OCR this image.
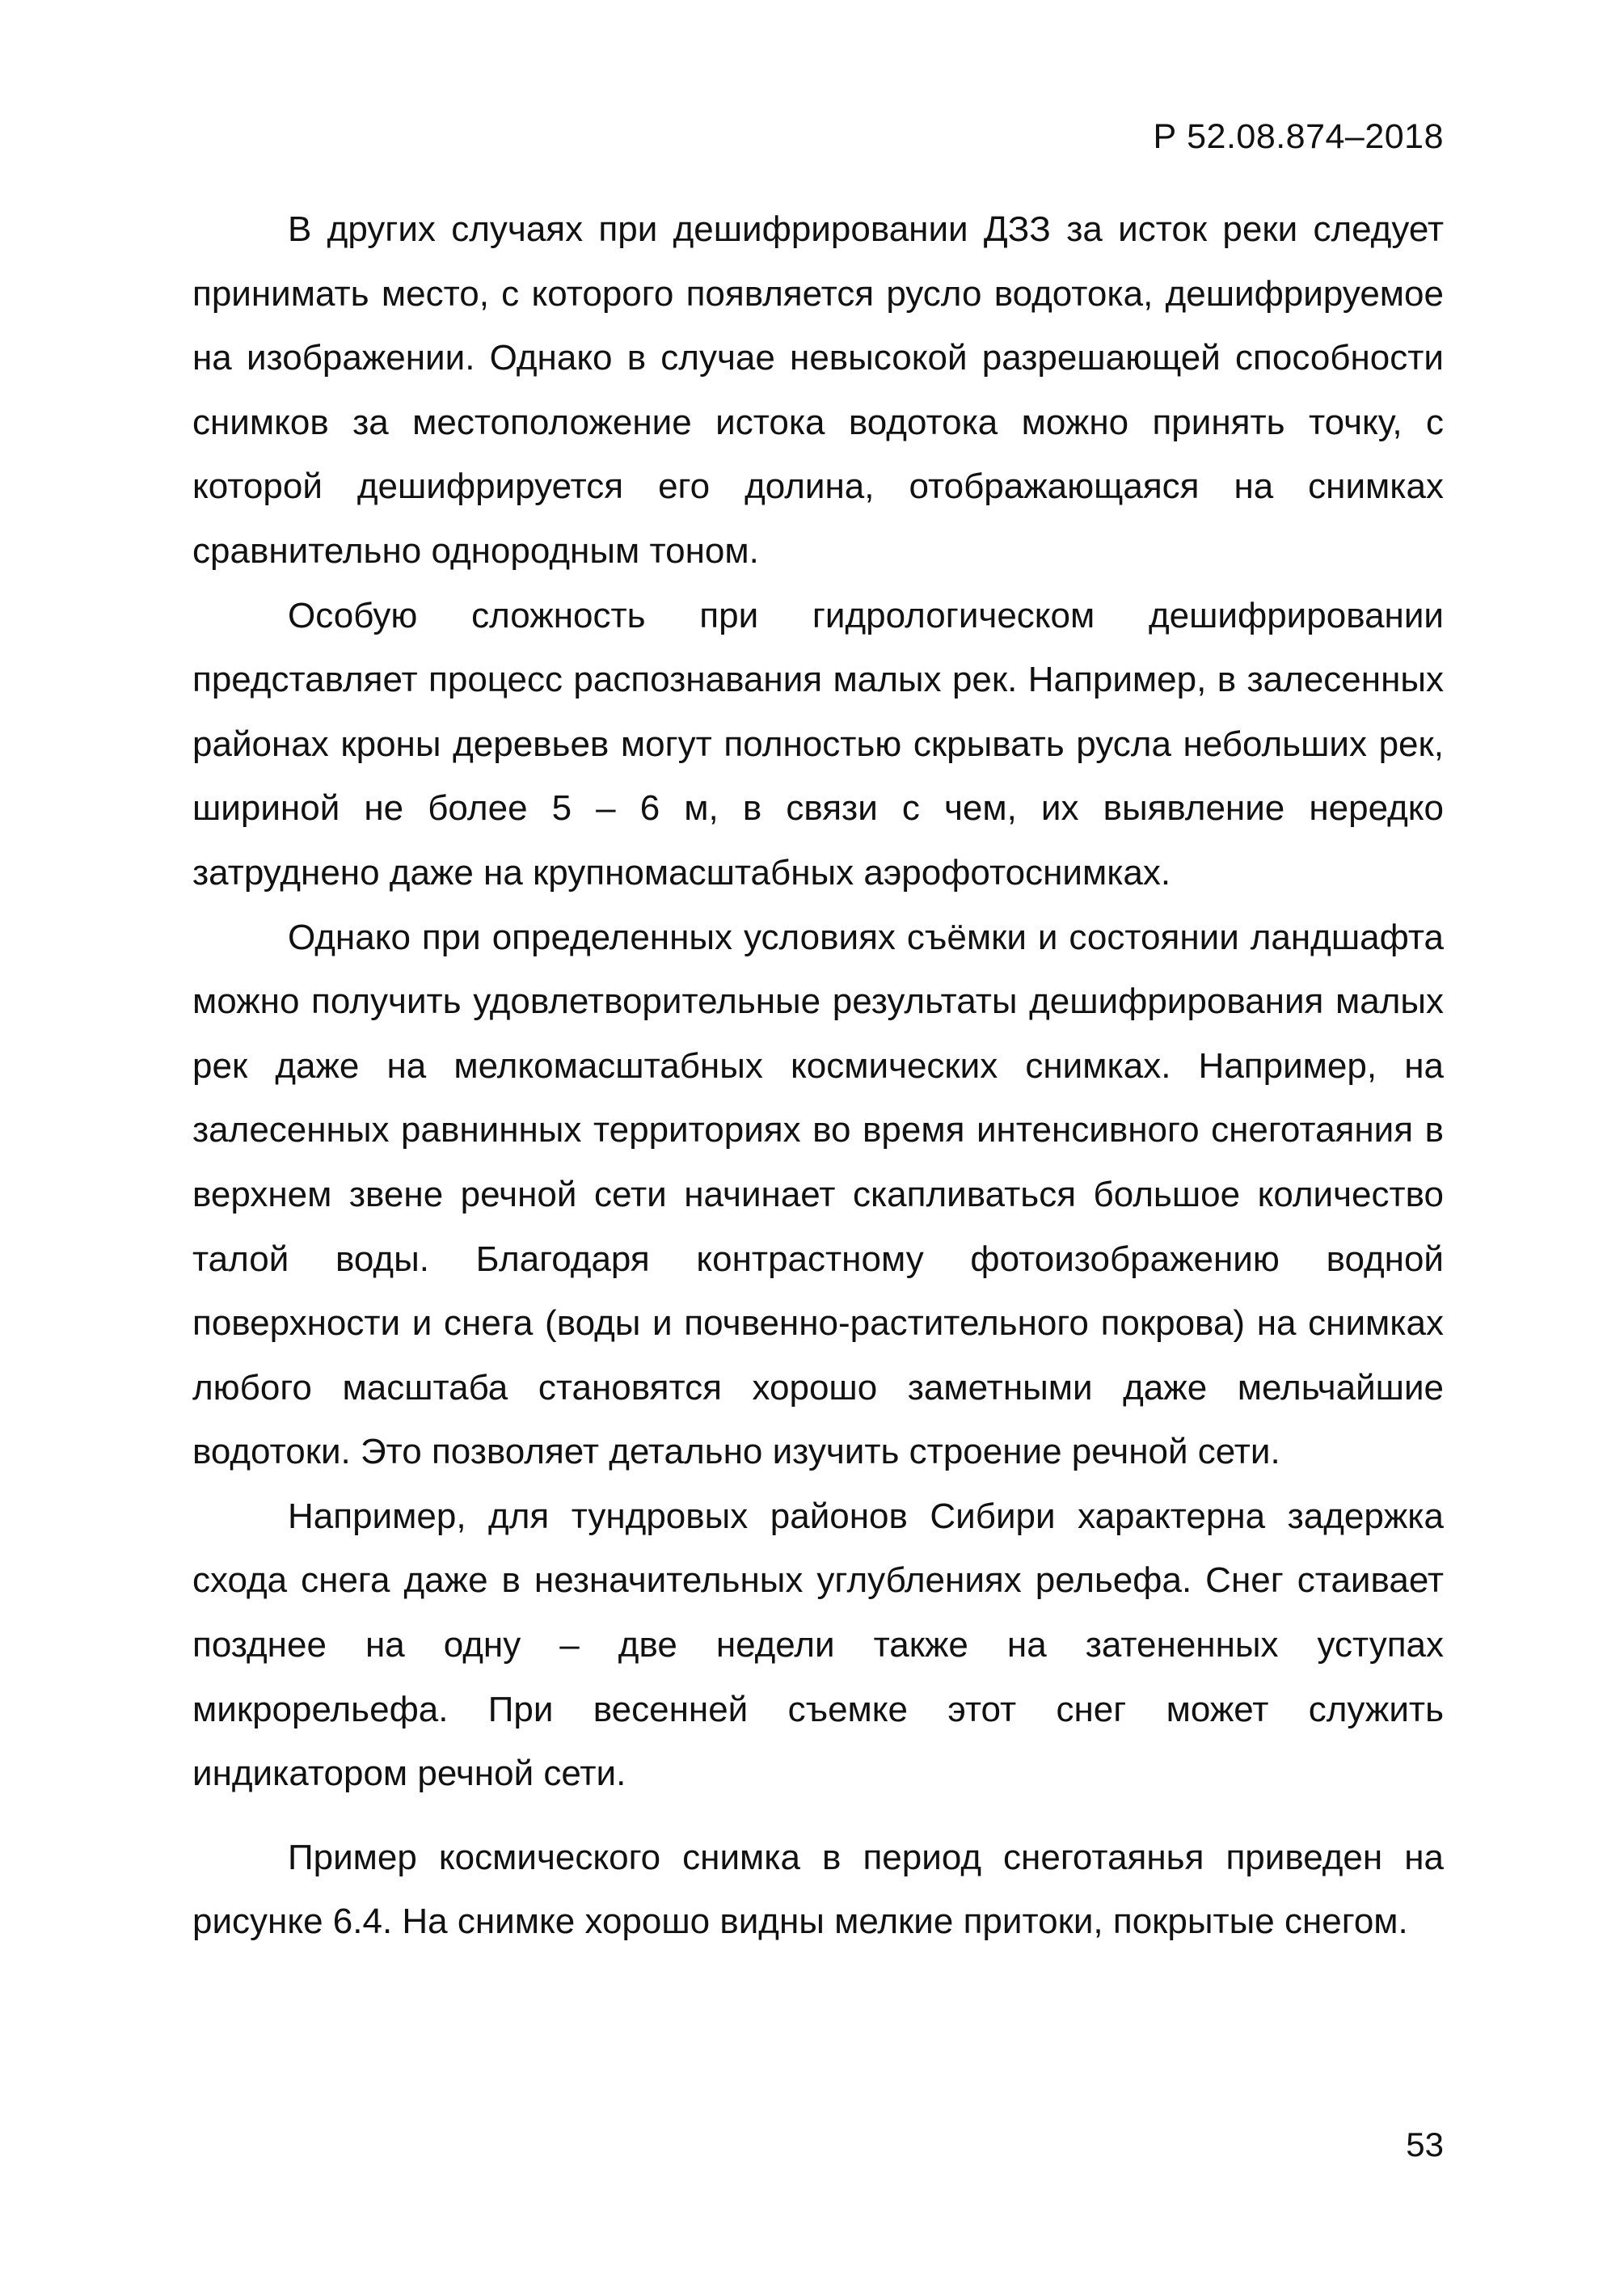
Р 52.08.874–2018

В других случаях при дешифрировании ДЗЗ за исток реки следует принимать место, с которого появляется русло водотока, дешифрируемое на изображении. Однако в случае невысокой разрешающей способности снимков за местоположение истока водотока можно принять точку, с которой дешифрируется его долина, отображающаяся на снимках сравнительно однородным тоном.

Особую сложность при гидрологическом дешифрировании представляет процесс распознавания малых рек. Например, в залесенных районах кроны деревьев могут полностью скрывать русла небольших рек, шириной не более 5 – 6 м, в связи с чем, их выявление нередко затруднено даже на крупномасштабных аэрофотоснимках.

Однако при определенных условиях съёмки и состоянии ландшафта можно получить удовлетворительные результаты дешифрирования малых рек даже на мелкомасштабных космических снимках. Например, на залесенных равнинных территориях во время интенсивного снеготаяния в верхнем звене речной сети начинает скапливаться большое количество талой воды. Благодаря контрастному фотоизображению водной поверхности и снега (воды и почвенно-растительного покрова) на снимках любого масштаба становятся хорошо заметными даже мельчайшие водотоки. Это позволяет детально изучить строение речной сети.

Например, для тундровых районов Сибири характерна задержка схода снега даже в незначительных углублениях рельефа. Снег стаивает позднее на одну – две недели также на затененных уступах микрорельефа. При весенней съемке этот снег может служить индикатором речной сети.

Пример космического снимка в период снеготаянья приведен на рисунке 6.4. На снимке хорошо видны мелкие притоки, покрытые снегом.

53
